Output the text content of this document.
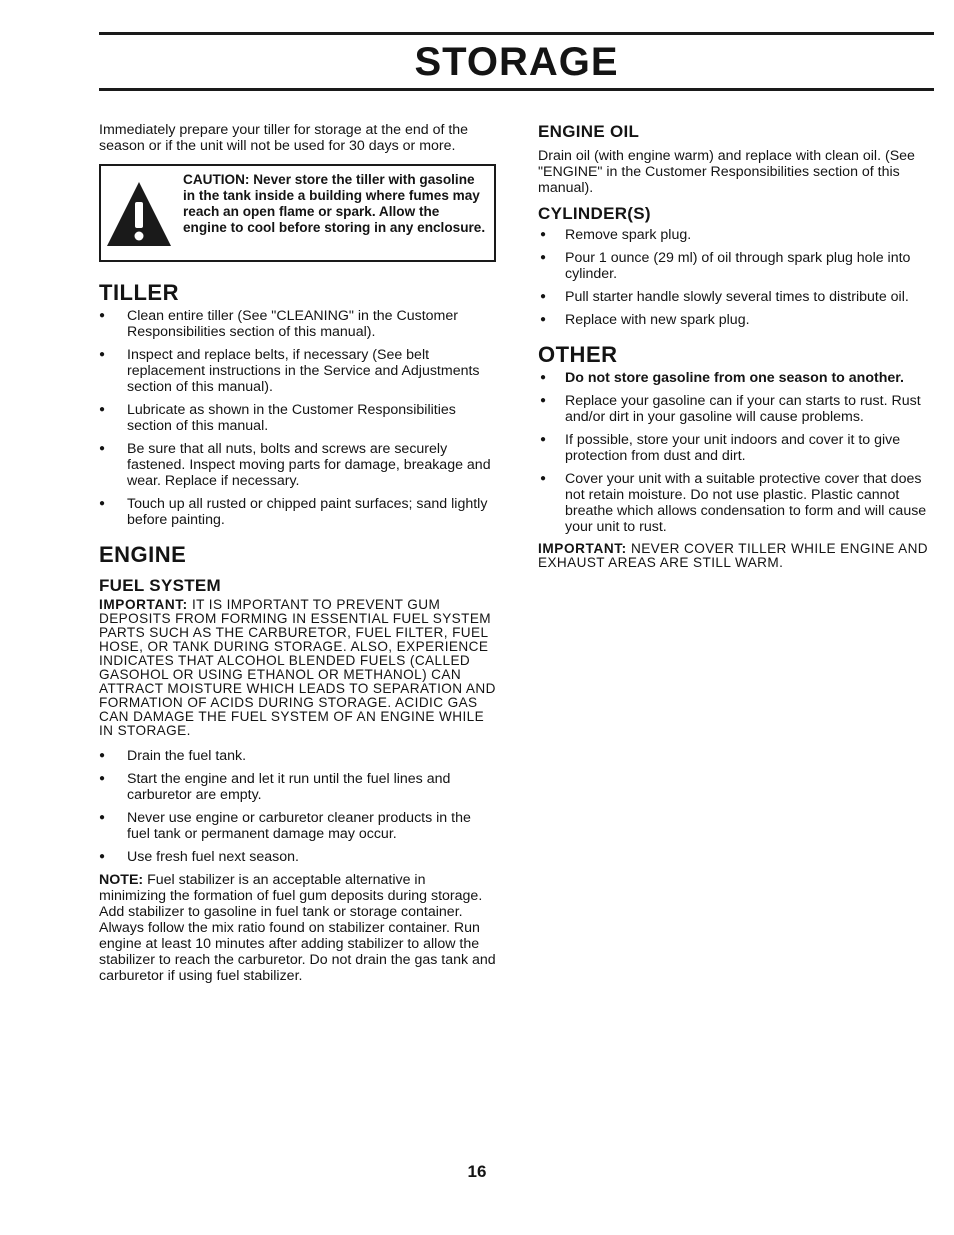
STORAGE

Immediately prepare your tiller for storage at the end of the season or if the unit will not be used for 30 days or more.

CAUTION: Never store the tiller with gasoline in the tank inside a building where fumes may reach an open flame or spark. Allow the engine to cool before storing in any enclosure.

TILLER
● Clean entire tiller (See "CLEANING" in the Customer Responsibilities section of this manual).
● Inspect and replace belts, if necessary (See belt replacement instructions in the Service and Adjustments section of this manual).
● Lubricate as shown in the Customer Responsibilities section of this manual.
● Be sure that all nuts, bolts and screws are securely fastened. Inspect moving parts for damage, breakage and wear. Replace if necessary.
● Touch up all rusted or chipped paint surfaces; sand lightly before painting.
ENGINE
FUEL SYSTEM

IMPORTANT: IT IS IMPORTANT TO PREVENT GUM DEPOSITS FROM FORMING IN ESSENTIAL FUEL SYSTEM PARTS SUCH AS THE CARBURETOR, FUEL FILTER, FUEL HOSE, OR TANK DURING STORAGE. ALSO, EXPERIENCE INDICATES THAT ALCOHOL BLENDED FUELS (CALLED GASOHOL OR USING ETHANOL OR METHANOL) CAN ATTRACT MOISTURE WHICH LEADS TO SEPARATION AND FORMATION OF ACIDS DURING STORAGE. ACIDIC GAS CAN DAMAGE THE FUEL SYSTEM OF AN ENGINE WHILE IN STORAGE.

● Drain the fuel tank.
● Start the engine and let it run until the fuel lines and carburetor are empty.
● Never use engine or carburetor cleaner products in the fuel tank or permanent damage may occur.
● Use fresh fuel next season.

NOTE: Fuel stabilizer is an acceptable alternative in minimizing the formation of fuel gum deposits during storage. Add stabilizer to gasoline in fuel tank or storage container. Always follow the mix ratio found on stabilizer container. Run engine at least 10 minutes after adding stabilizer to allow the stabilizer to reach the carburetor. Do not drain the gas tank and carburetor if using fuel stabilizer.

ENGINE OIL

Drain oil (with engine warm) and replace with clean oil. (See "ENGINE" in the Customer Responsibilities section of this manual).

CYLINDER(S)
● Remove spark plug.
● Pour 1 ounce (29 ml) of oil through spark plug hole into cylinder.
● Pull starter handle slowly several times to distribute oil.
● Replace with new spark plug.
OTHER
● Do not store gasoline from one season to another.
● Replace your gasoline can if your can starts to rust. Rust and/or dirt in your gasoline will cause problems.
● If possible, store your unit indoors and cover it to give protection from dust and dirt.
● Cover your unit with a suitable protective cover that does not retain moisture. Do not use plastic. Plastic cannot breathe which allows condensation to form and will cause your unit to rust.

IMPORTANT: NEVER COVER TILLER WHILE ENGINE AND EXHAUST AREAS ARE STILL WARM.

16
